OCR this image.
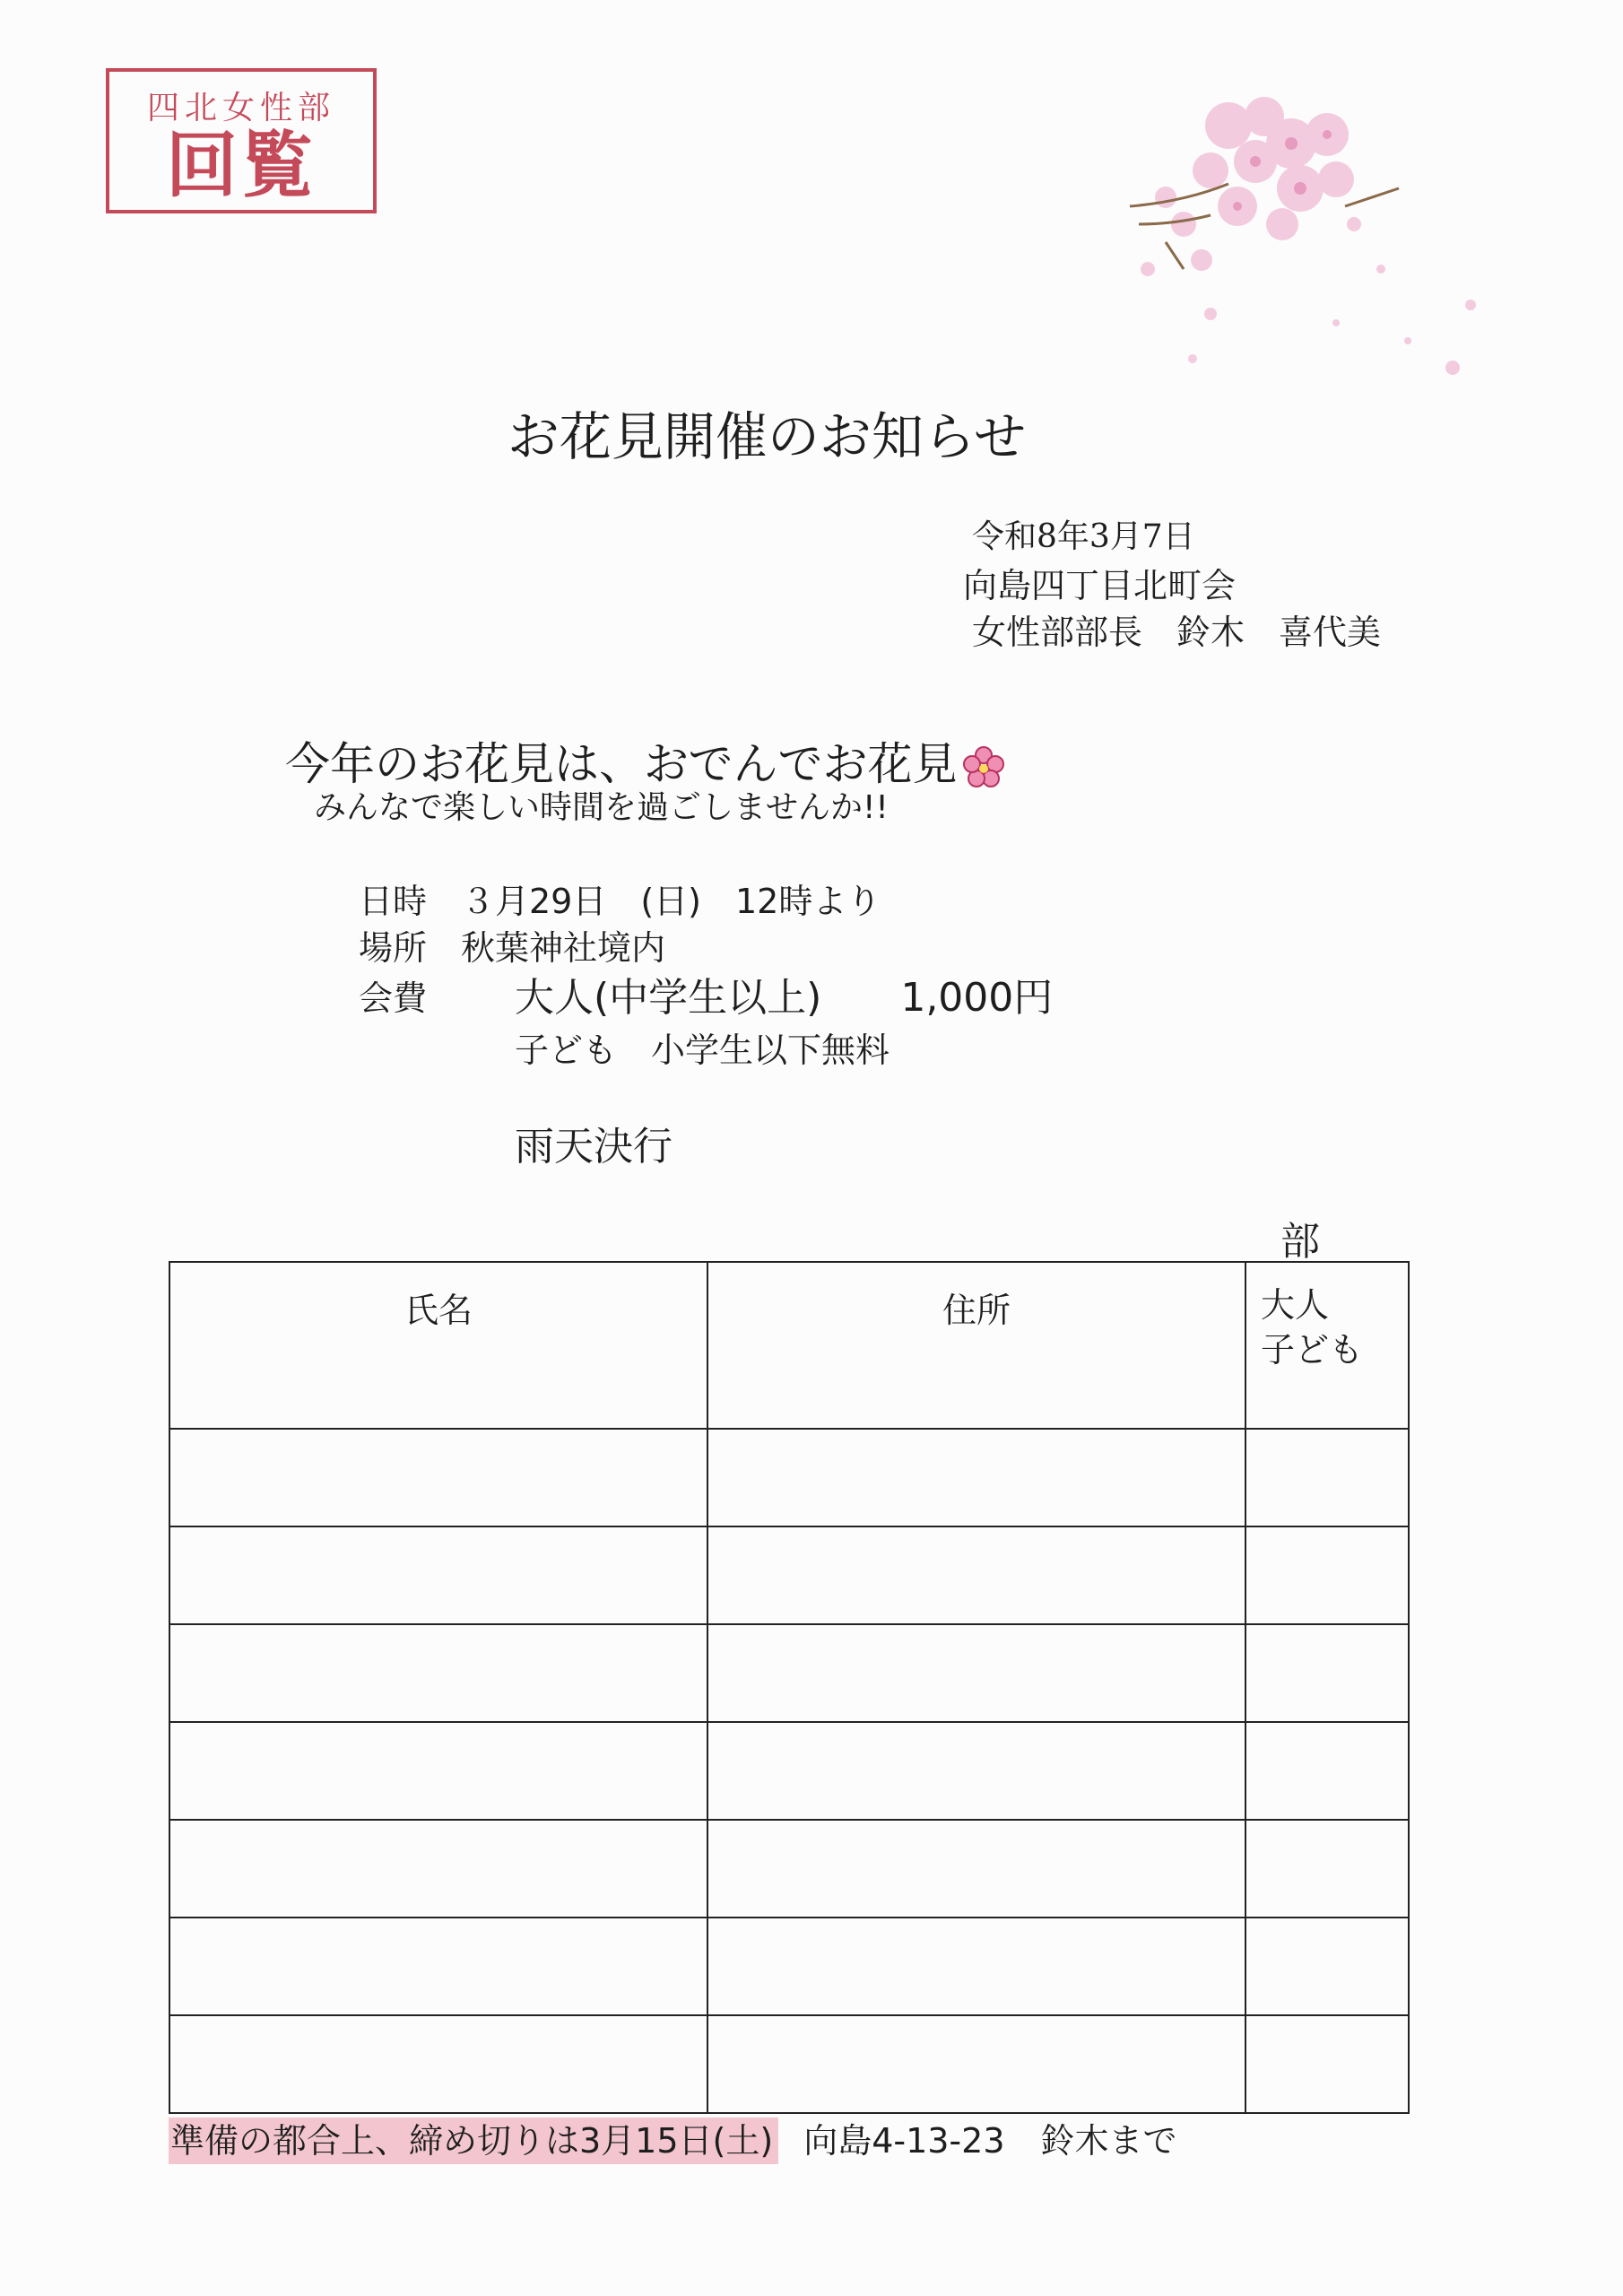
四北女性部
回覧
お花見開催のお知らせ
令和8年3月7日
向島四丁目北町会
女性部部長　鈴木　喜代美
今年のお花見は、おでんでお花見
みんなで楽しい時間を過ごしませんか!!
日時　３月29日　(日)　12時より
場所　秋葉神社境内
会費 大人(中学生以上)　　1,000円
子ども　小学生以下無料
雨天決行
部
氏名	住所	大人
子ども

準備の都合上、締め切りは3月15日(土) 向島4-13-23 鈴木まで
